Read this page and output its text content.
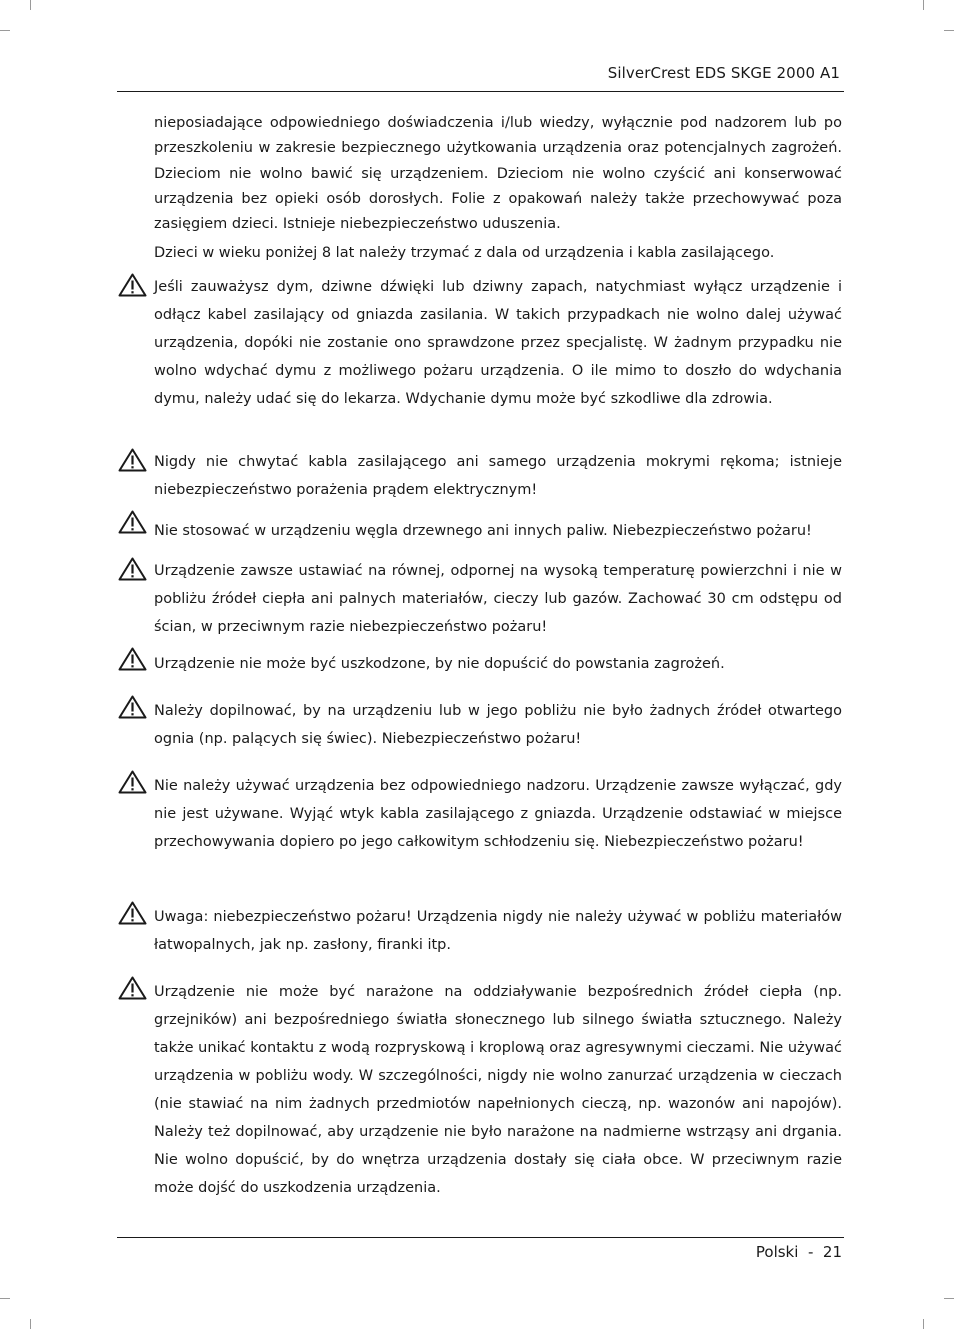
SilverCrest EDS SKGE 2000 A1
nieposiadające odpowiedniego doświadczenia i/lub wiedzy, wyłącznie pod nadzorem lub po przeszkoleniu w zakresie bezpiecznego użytkowania urządzenia oraz potencjalnych zagrożeń. Dzieciom nie wolno bawić się urządzeniem. Dzieciom nie wolno czyścić ani konserwować urządzenia bez opieki osób dorosłych. Folie z opakowań należy także przechowywać poza zasięgiem dzieci. Istnieje niebezpieczeństwo uduszenia.
Dzieci w wieku poniżej 8 lat należy trzymać z dala od urządzenia i kabla zasilającego.
Jeśli zauważysz dym, dziwne dźwięki lub dziwny zapach, natychmiast wyłącz urządzenie i odłącz kabel zasilający od gniazda zasilania. W takich przypadkach nie wolno dalej używać urządzenia, dopóki nie zostanie ono sprawdzone przez specjalistę. W żadnym przypadku nie wolno wdychać dymu z możliwego pożaru urządzenia. O ile mimo to doszło do wdychania dymu, należy udać się do lekarza. Wdychanie dymu może być szkodliwe dla zdrowia.
Nigdy nie chwytać kabla zasilającego ani samego urządzenia mokrymi rękoma; istnieje niebezpieczeństwo porażenia prądem elektrycznym!
Nie stosować w urządzeniu węgla drzewnego ani innych paliw. Niebezpieczeństwo pożaru!
Urządzenie zawsze ustawiać na równej, odpornej na wysoką temperaturę powierzchni i nie w pobliżu źródeł ciepła ani palnych materiałów, cieczy lub gazów. Zachować 30 cm odstępu od ścian, w przeciwnym razie niebezpieczeństwo pożaru!
Urządzenie nie może być uszkodzone, by nie dopuścić do powstania zagrożeń.
Należy dopilnować, by na urządzeniu lub w jego pobliżu nie było żadnych źródeł otwartego ognia (np. palących się świec). Niebezpieczeństwo pożaru!
Nie należy używać urządzenia bez odpowiedniego nadzoru. Urządzenie zawsze wyłączać, gdy nie jest używane. Wyjąć wtyk kabla zasilającego z gniazda. Urządzenie odstawiać w miejsce przechowywania dopiero po jego całkowitym schłodzeniu się. Niebezpieczeństwo pożaru!
Uwaga: niebezpieczeństwo pożaru! Urządzenia nigdy nie należy używać w pobliżu materiałów łatwopalnych, jak np. zasłony, firanki itp.
Urządzenie nie może być narażone na oddziaływanie bezpośrednich źródeł ciepła (np. grzejników) ani bezpośredniego światła słonecznego lub silnego światła sztucznego. Należy także unikać kontaktu z wodą rozpryskową i kroplową oraz agresywnymi cieczami. Nie używać urządzenia w pobliżu wody. W szczególności, nigdy nie wolno zanurzać urządzenia w cieczach (nie stawiać na nim żadnych przedmiotów napełnionych cieczą, np. wazonów ani napojów). Należy też dopilnować, aby urządzenie nie było narażone na nadmierne wstrząsy ani drgania. Nie wolno dopuścić, by do wnętrza urządzenia dostały się ciała obce. W przeciwnym razie może dojść do uszkodzenia urządzenia.
Polski  -  21
